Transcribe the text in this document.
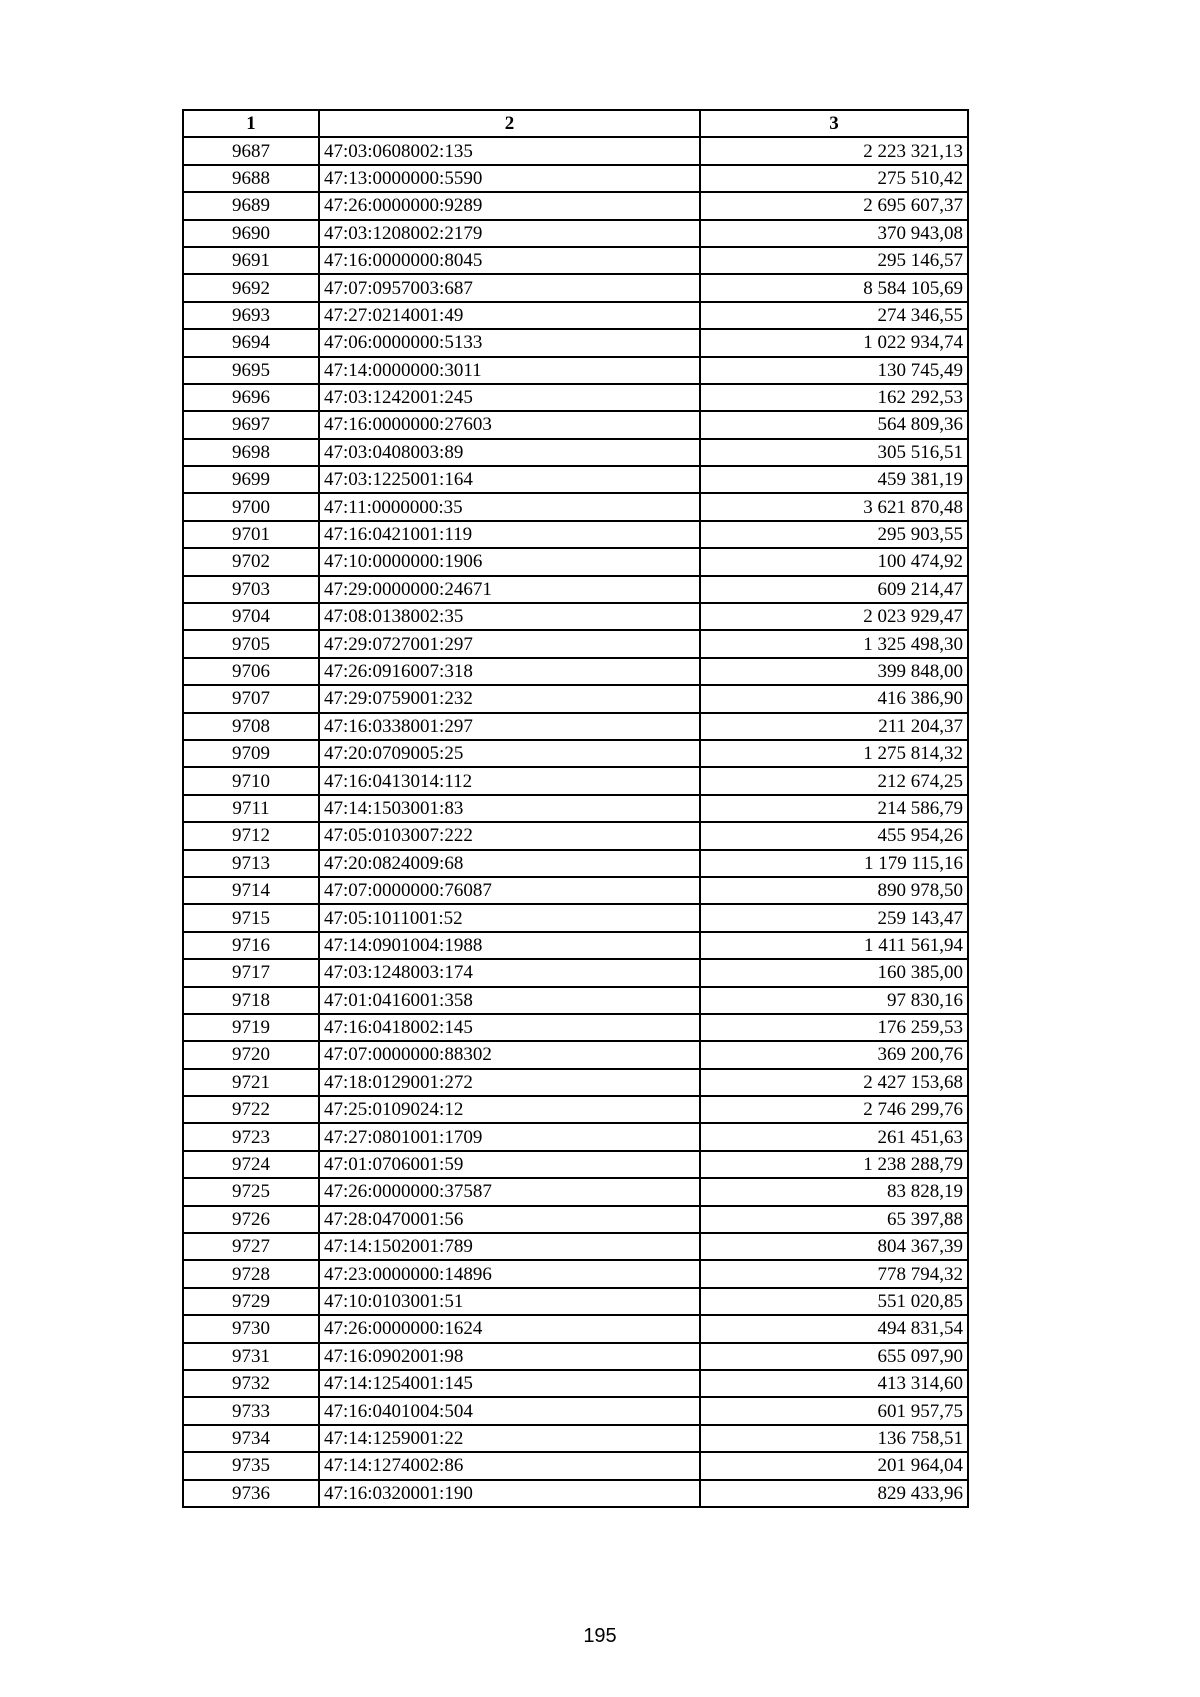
1	2	3
9687	47:03:0608002:135	2 223 321,13
9688	47:13:0000000:5590	275 510,42
9689	47:26:0000000:9289	2 695 607,37
9690	47:03:1208002:2179	370 943,08
9691	47:16:0000000:8045	295 146,57
9692	47:07:0957003:687	8 584 105,69
9693	47:27:0214001:49	274 346,55
9694	47:06:0000000:5133	1 022 934,74
9695	47:14:0000000:3011	130 745,49
9696	47:03:1242001:245	162 292,53
9697	47:16:0000000:27603	564 809,36
9698	47:03:0408003:89	305 516,51
9699	47:03:1225001:164	459 381,19
9700	47:11:0000000:35	3 621 870,48
9701	47:16:0421001:119	295 903,55
9702	47:10:0000000:1906	100 474,92
9703	47:29:0000000:24671	609 214,47
9704	47:08:0138002:35	2 023 929,47
9705	47:29:0727001:297	1 325 498,30
9706	47:26:0916007:318	399 848,00
9707	47:29:0759001:232	416 386,90
9708	47:16:0338001:297	211 204,37
9709	47:20:0709005:25	1 275 814,32
9710	47:16:0413014:112	212 674,25
9711	47:14:1503001:83	214 586,79
9712	47:05:0103007:222	455 954,26
9713	47:20:0824009:68	1 179 115,16
9714	47:07:0000000:76087	890 978,50
9715	47:05:1011001:52	259 143,47
9716	47:14:0901004:1988	1 411 561,94
9717	47:03:1248003:174	160 385,00
9718	47:01:0416001:358	97 830,16
9719	47:16:0418002:145	176 259,53
9720	47:07:0000000:88302	369 200,76
9721	47:18:0129001:272	2 427 153,68
9722	47:25:0109024:12	2 746 299,76
9723	47:27:0801001:1709	261 451,63
9724	47:01:0706001:59	1 238 288,79
9725	47:26:0000000:37587	83 828,19
9726	47:28:0470001:56	65 397,88
9727	47:14:1502001:789	804 367,39
9728	47:23:0000000:14896	778 794,32
9729	47:10:0103001:51	551 020,85
9730	47:26:0000000:1624	494 831,54
9731	47:16:0902001:98	655 097,90
9732	47:14:1254001:145	413 314,60
9733	47:16:0401004:504	601 957,75
9734	47:14:1259001:22	136 758,51
9735	47:14:1274002:86	201 964,04
9736	47:16:0320001:190	829 433,96
195
